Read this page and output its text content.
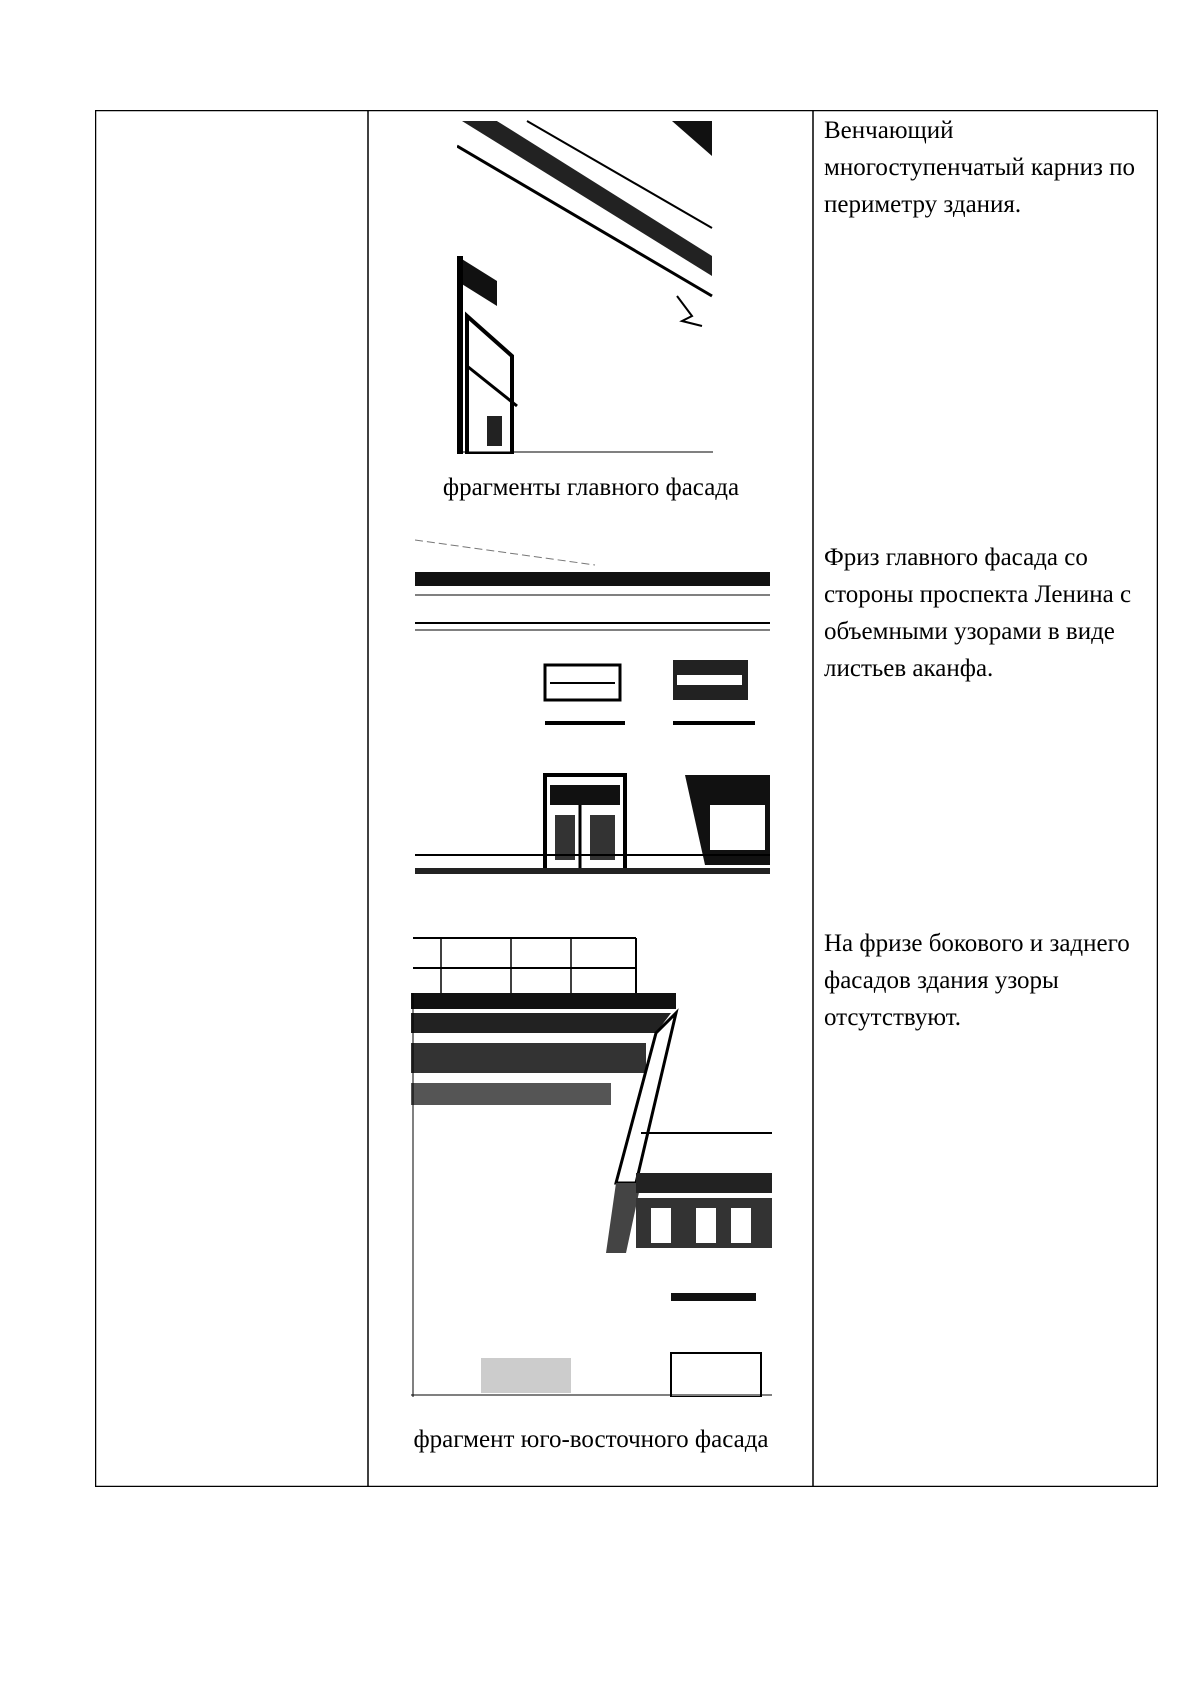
Венчающий многоступенчатый карниз по периметру здания.
фрагменты главного фасада
Фриз главного фасада со стороны проспекта Ленина с объемными узорами в виде листьев аканфа.
На фризе бокового и заднего фасадов здания узоры отсутствуют.
фрагмент юго-восточного фасада
